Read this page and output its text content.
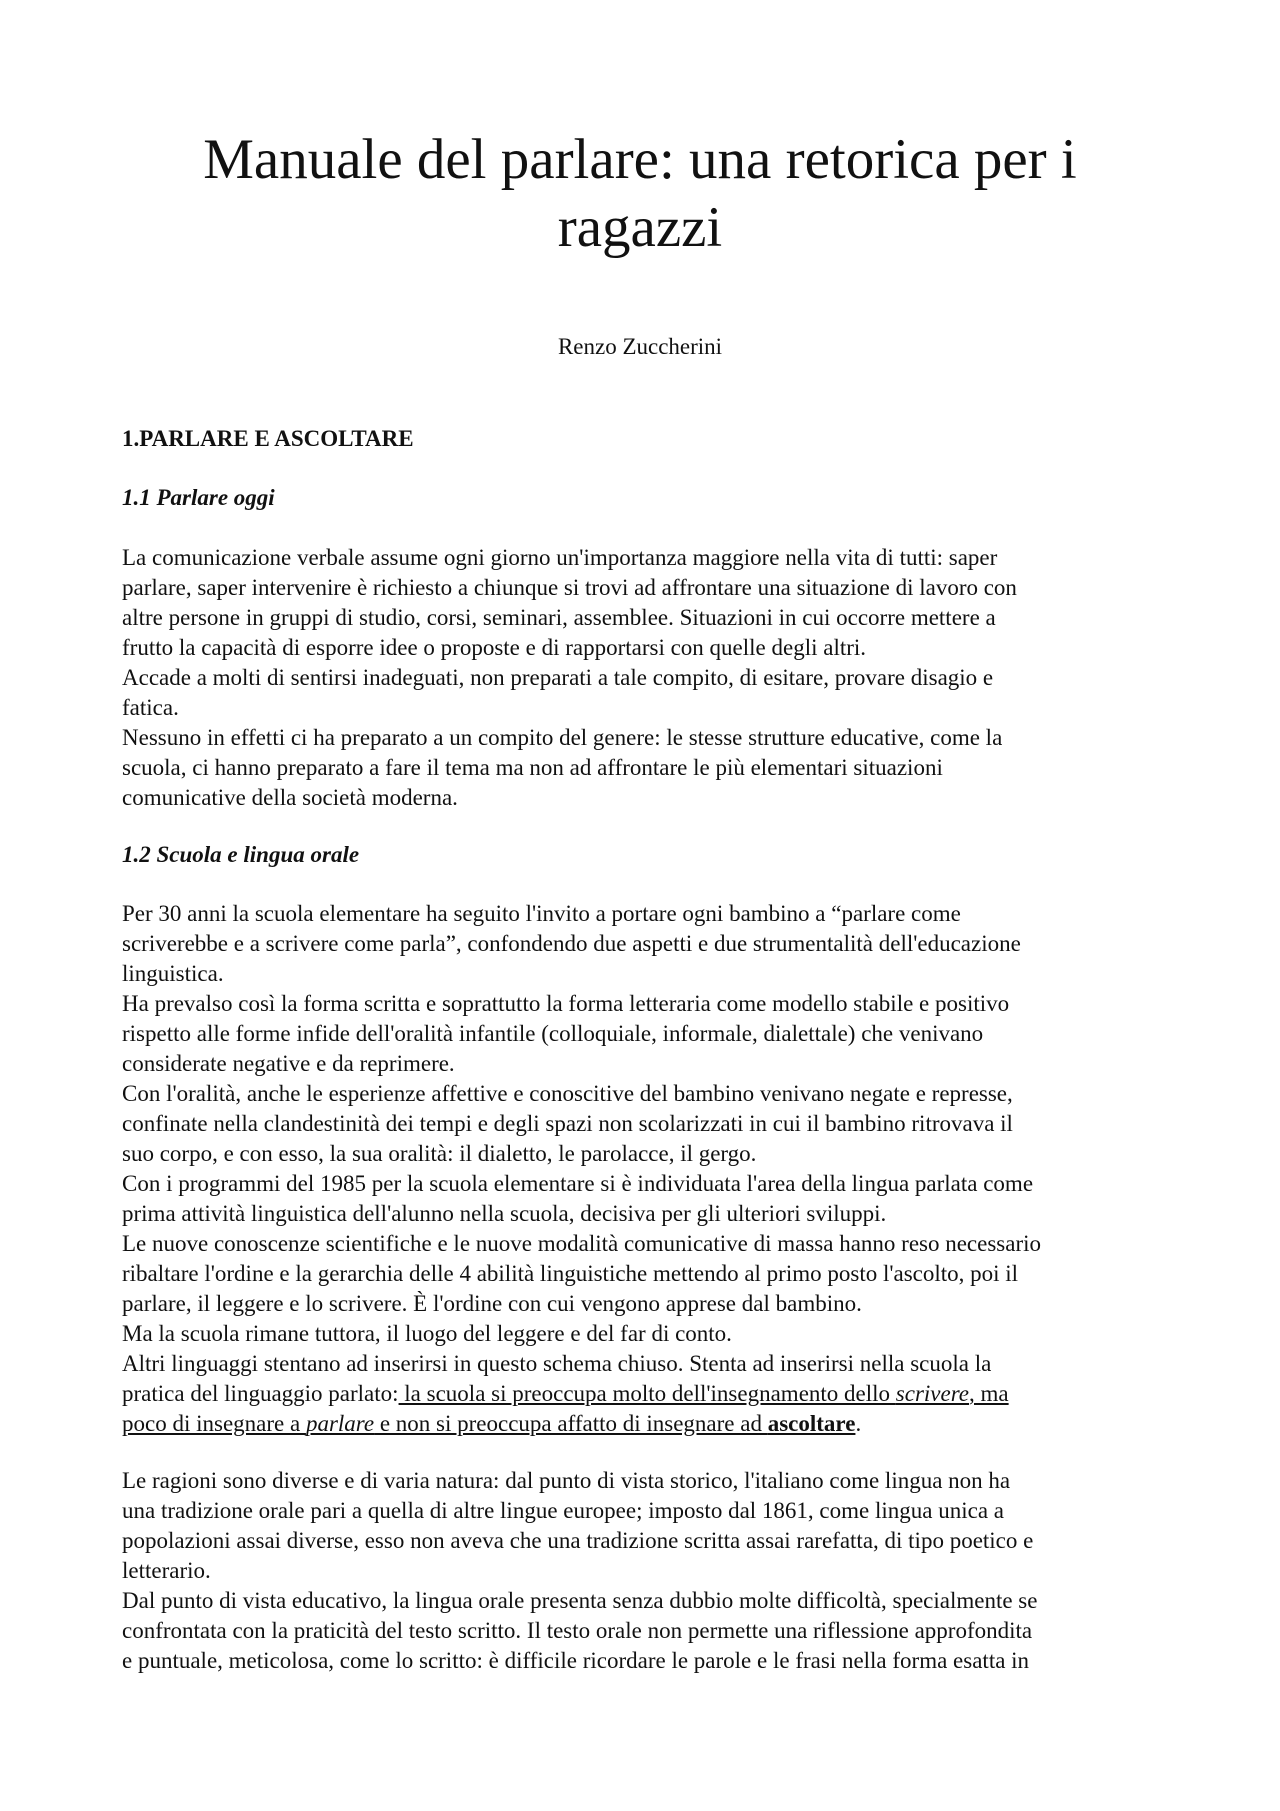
Manuale del parlare: una retorica per i
ragazzi

Renzo Zuccherini

1.PARLARE E ASCOLTARE

1.1 Parlare oggi

La comunicazione verbale assume ogni giorno un'importanza maggiore nella vita di tutti: saper
parlare, saper intervenire è richiesto a chiunque si trovi ad affrontare una situazione di lavoro con
altre persone in gruppi di studio, corsi, seminari, assemblee. Situazioni in cui occorre mettere a
frutto la capacità di esporre idee o proposte e di rapportarsi con quelle degli altri.
Accade a molti di sentirsi inadeguati, non preparati a tale compito, di esitare, provare disagio e
fatica.
Nessuno in effetti ci ha preparato a un compito del genere: le stesse strutture educative, come la
scuola, ci hanno preparato a fare il tema ma non ad affrontare le più elementari situazioni
comunicative della società moderna.

1.2 Scuola e lingua orale

Per 30 anni la scuola elementare ha seguito l'invito a portare ogni bambino a “parlare come
scriverebbe e a scrivere come parla”, confondendo due aspetti e due strumentalità dell'educazione
linguistica.
Ha prevalso così la forma scritta e soprattutto la forma letteraria come modello stabile e positivo
rispetto alle forme infide dell'oralità infantile (colloquiale, informale, dialettale) che venivano
considerate negative e da reprimere.
Con l'oralità, anche le esperienze affettive e conoscitive del bambino venivano negate e represse,
confinate nella clandestinità dei tempi e degli spazi non scolarizzati in cui il bambino ritrovava il
suo corpo, e con esso, la sua oralità: il dialetto, le parolacce, il gergo.
Con i programmi del 1985 per la scuola elementare si è individuata l'area della lingua parlata come
prima attività linguistica dell'alunno nella scuola, decisiva per gli ulteriori sviluppi.
Le nuove conoscenze scientifiche e le nuove modalità comunicative di massa hanno reso necessario
ribaltare l'ordine e la gerarchia delle 4 abilità linguistiche mettendo al primo posto l'ascolto, poi il
parlare, il leggere e lo scrivere. È l'ordine con cui vengono apprese dal bambino.
Ma la scuola rimane tuttora, il luogo del leggere e del far di conto.
Altri linguaggi stentano ad inserirsi in questo schema chiuso. Stenta ad inserirsi nella scuola la
pratica del linguaggio parlato: la scuola si preoccupa molto dell'insegnamento dello scrivere, ma
poco di insegnare a parlare e non si preoccupa affatto di insegnare ad ascoltare.
Le ragioni sono diverse e di varia natura: dal punto di vista storico, l'italiano come lingua non ha
una tradizione orale pari a quella di altre lingue europee; imposto dal 1861, come lingua unica a
popolazioni assai diverse, esso non aveva che una tradizione scritta assai rarefatta, di tipo poetico e
letterario.
Dal punto di vista educativo, la lingua orale presenta senza dubbio molte difficoltà, specialmente se
confrontata con la praticità del testo scritto. Il testo orale non permette una riflessione approfondita
e puntuale, meticolosa, come lo scritto: è difficile ricordare le parole e le frasi nella forma esatta in
